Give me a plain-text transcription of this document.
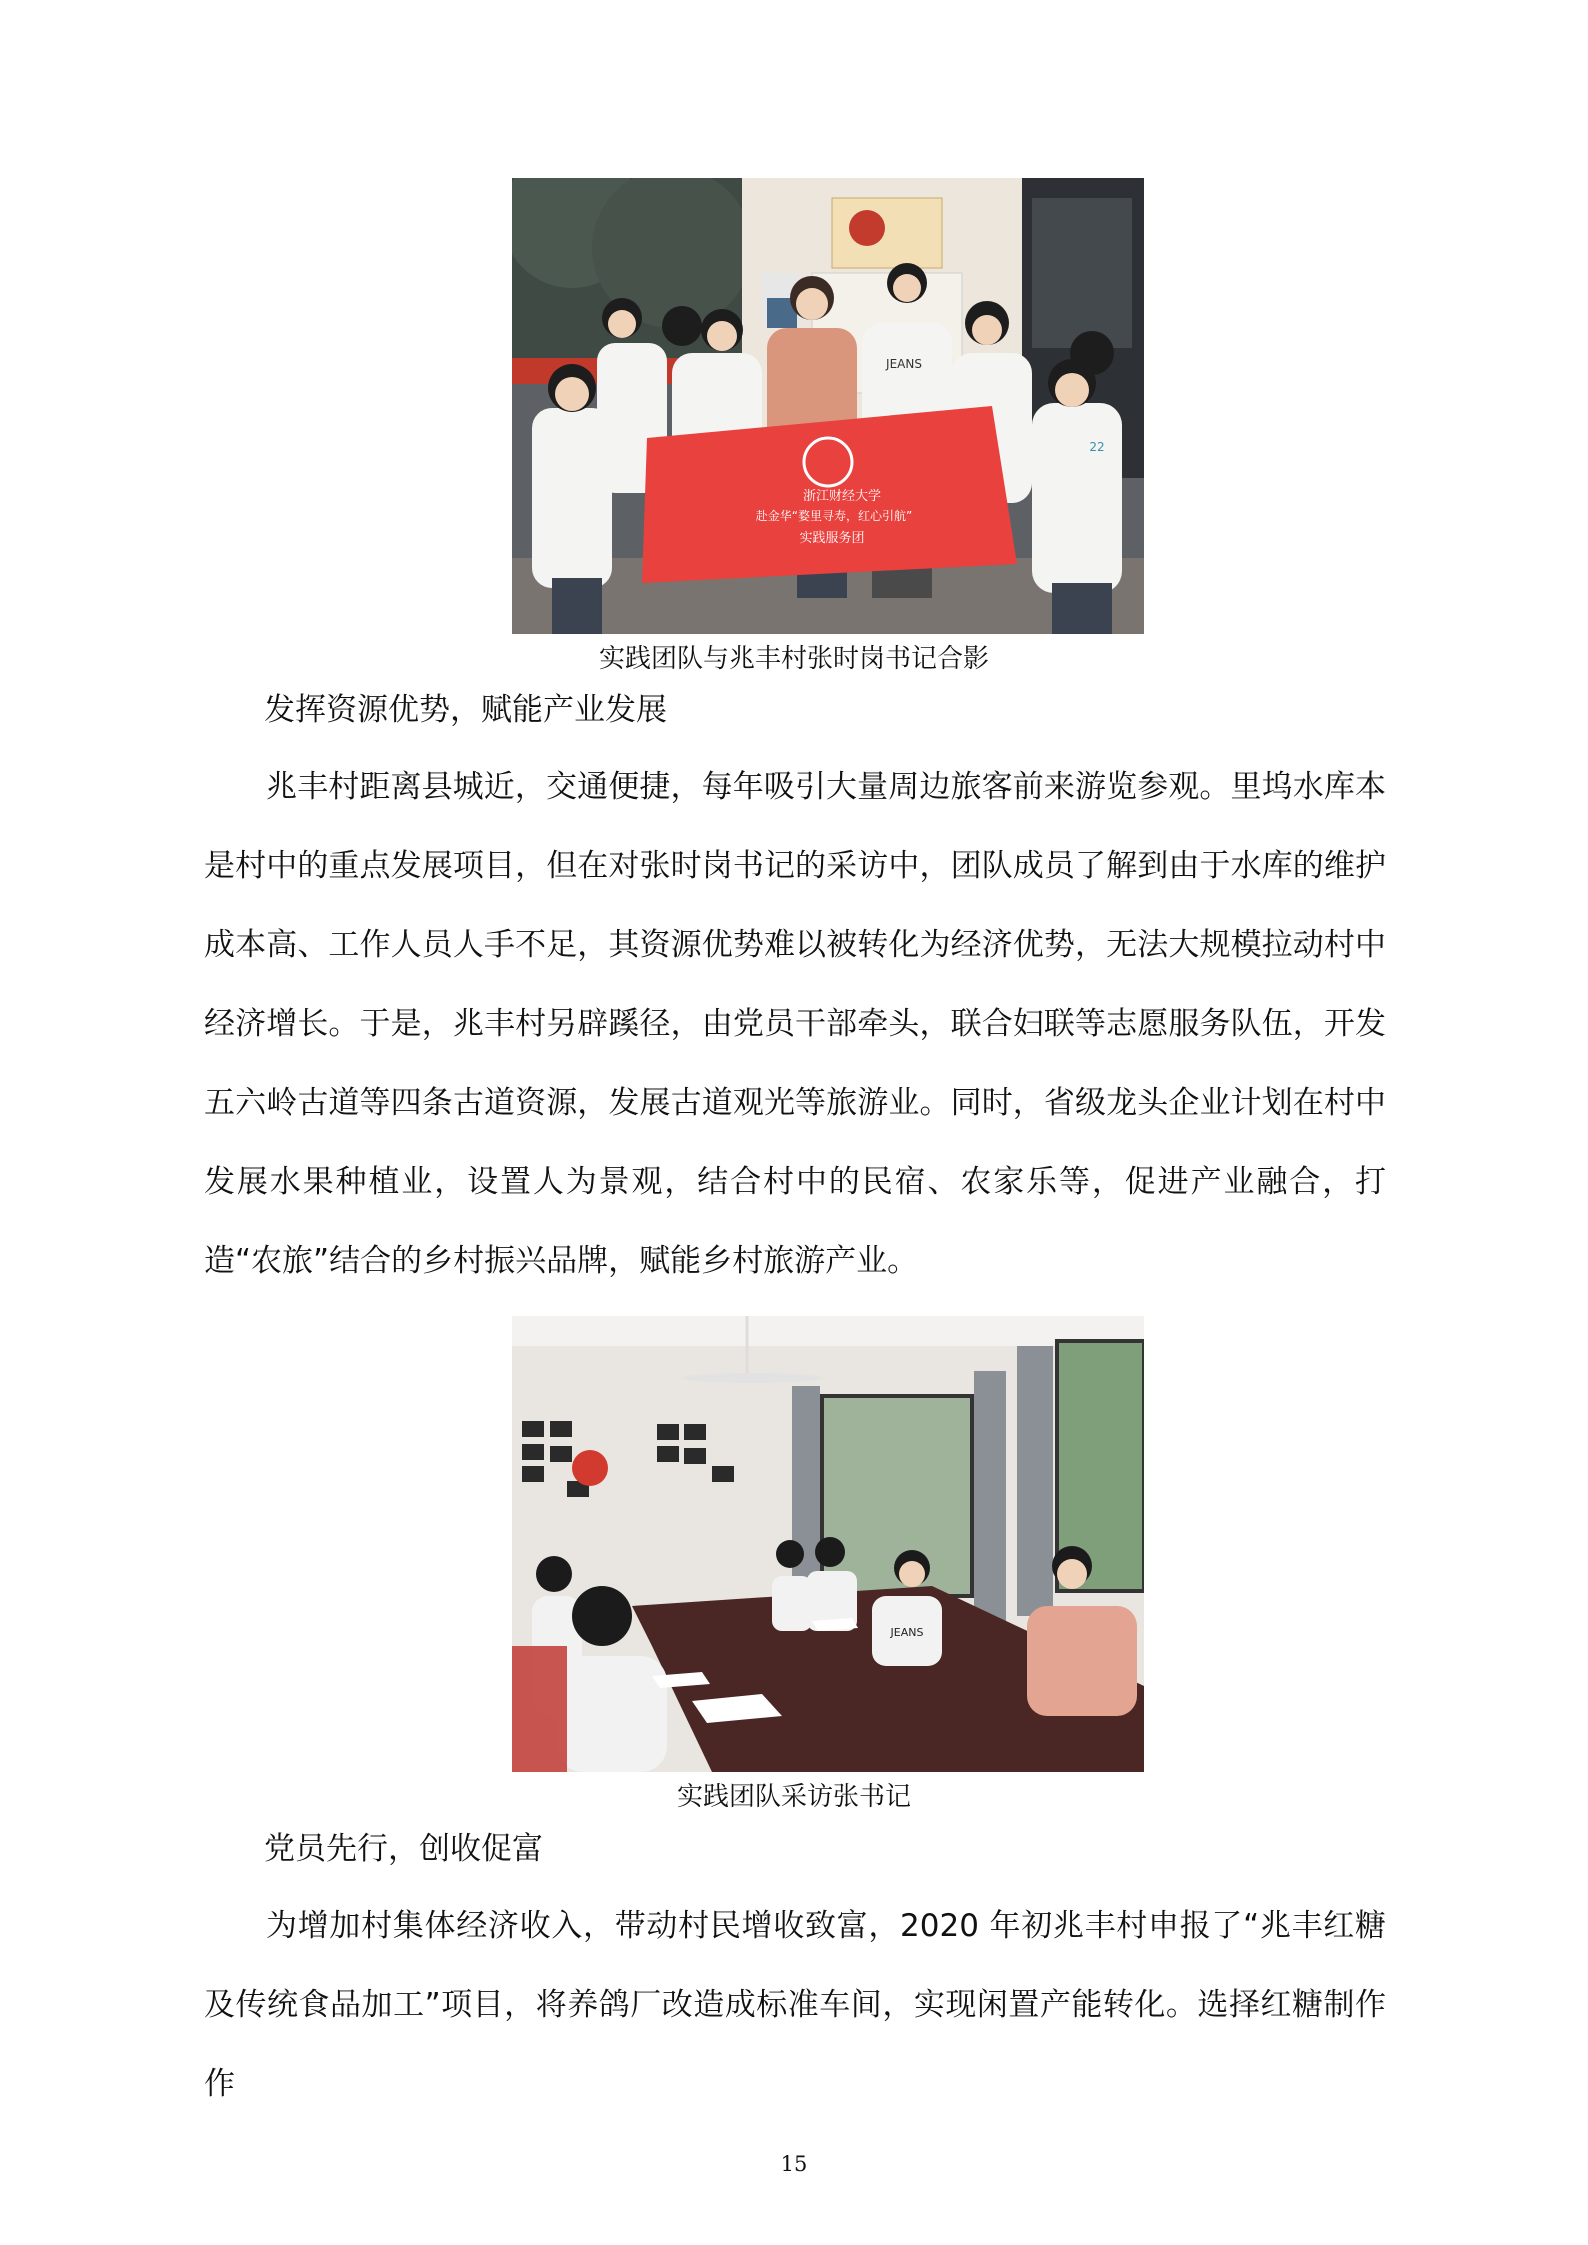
浙江财经大学
赴金华“婺里寻寿，红心引航”
实践服务团
JEANS
22
实践团队与兆丰村张时岗书记合影
发挥资源优势，赋能产业发展

兆丰村距离县城近，交通便捷，每年吸引大量周边旅客前来游览参观。里坞水库本是村中的重点发展项目，但在对张时岗书记的采访中，团队成员了解到由于水库的维护成本高、工作人员人手不足，其资源优势难以被转化为经济优势，无法大规模拉动村中经济增长。于是，兆丰村另辟蹊径，由党员干部牵头，联合妇联等志愿服务队伍，开发五六岭古道等四条古道资源，发展古道观光等旅游业。同时，省级龙头企业计划在村中发展水果种植业，设置人为景观，结合村中的民宿、农家乐等，促进产业融合，打造“农旅”结合的乡村振兴品牌，赋能乡村旅游产业。

JEANS
实践团队采访张书记
党员先行，创收促富

为增加村集体经济收入，带动村民增收致富，2020 年初兆丰村申报了“兆丰红糖及传统食品加工”项目，将养鸽厂改造成标准车间，实现闲置产能转化。选择红糖制作作

15
